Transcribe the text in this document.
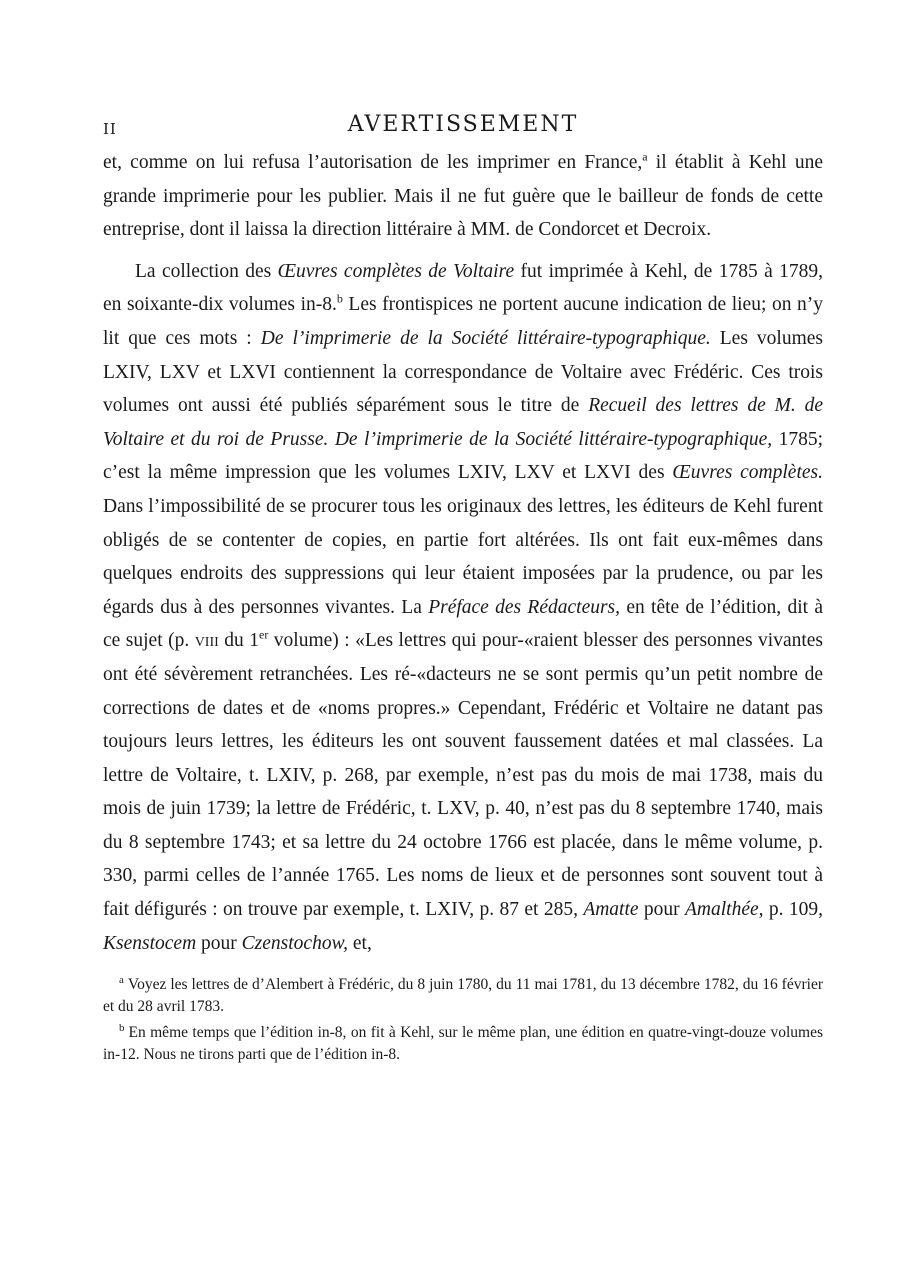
II	AVERTISSEMENT

et, comme on lui refusa l’autorisation de les imprimer en France,$^a$ il établit à Kehl une grande imprimerie pour les publier. Mais il ne fut guère que le bailleur de fonds de cette entreprise, dont il laissa la direction littéraire à MM. de Condorcet et Decroix.

La collection des Œuvres complètes de Voltaire fut imprimée à Kehl, de 1785 à 1789, en soixante-dix volumes in-8.$^b$ Les frontispices ne portent aucune indication de lieu; on n’y lit que ces mots : De l’imprimerie de la Société littéraire-typographique. Les volumes LXIV, LXV et LXVI contiennent la correspondance de Voltaire avec Frédéric. Ces trois volumes ont aussi été publiés séparément sous le titre de Recueil des lettres de M. de Voltaire et du roi de Prusse. De l’imprimerie de la Société littéraire-typographique, 1785; c’est la même impression que les volumes LXIV, LXV et LXVI des Œuvres complètes. Dans l’impossibilité de se procurer tous les originaux des lettres, les éditeurs de Kehl furent obligés de se contenter de copies, en partie fort altérées. Ils ont fait eux-mêmes dans quelques endroits des suppressions qui leur étaient imposées par la prudence, ou par les égards dus à des personnes vivantes. La Préface des Rédacteurs, en tête de l’édition, dit à ce sujet (p. viii du 1er volume) : «Les lettres qui pour-«raient blesser des personnes vivantes ont été sévèrement retranchées. Les ré-«dacteurs ne se sont permis qu’un petit nombre de corrections de dates et de «noms propres.» Cependant, Frédéric et Voltaire ne datant pas toujours leurs lettres, les éditeurs les ont souvent faussement datées et mal classées. La lettre de Voltaire, t. LXIV, p. 268, par exemple, n’est pas du mois de mai 1738, mais du mois de juin 1739; la lettre de Frédéric, t. LXV, p. 40, n’est pas du 8 septembre 1740, mais du 8 septembre 1743; et sa lettre du 24 octobre 1766 est placée, dans le même volume, p. 330, parmi celles de l’année 1765. Les noms de lieux et de personnes sont souvent tout à fait défigurés : on trouve par exemple, t. LXIV, p. 87 et 285, Amatte pour Amalthée, p. 109, Ksenstocem pour Czenstochow, et,

$^a$ Voyez les lettres de d’Alembert à Frédéric, du 8 juin 1780, du 11 mai 1781, du 13 décembre 1782, du 16 février et du 28 avril 1783.

$^b$ En même temps que l’édition in-8, on fit à Kehl, sur le même plan, une édition en quatre-vingt-douze volumes in-12. Nous ne tirons parti que de l’édition in-8.
